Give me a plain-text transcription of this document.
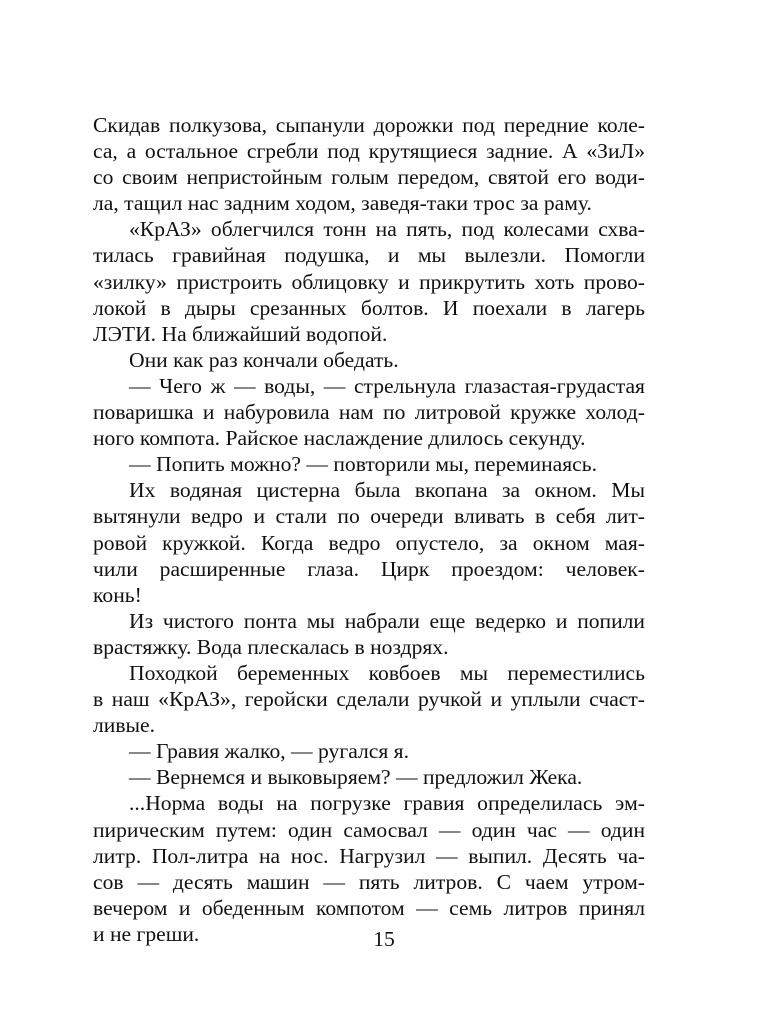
Скидав полкузова, сыпанули дорожки под передние коле-
са, а остальное сгребли под крутящиеся задние. А «ЗиЛ»
со своим непристойным голым передом, святой его води-
ла, тащил нас задним ходом, заведя-таки трос за раму.
«КрАЗ» облегчился тонн на пять, под колесами схва-
тилась гравийная подушка, и мы вылезли. Помогли
«зилку» пристроить облицовку и прикрутить хоть прово-
локой в дыры срезанных болтов. И поехали в лагерь
ЛЭТИ. На ближайший водопой.
Они как раз кончали обедать.
— Чего ж — воды, — стрельнула глазастая-грудастая
поваришка и набуровила нам по литровой кружке холод-
ного компота. Райское наслаждение длилось секунду.
— Попить можно? — повторили мы, переминаясь.
Их водяная цистерна была вкопана за окном. Мы
вытянули ведро и стали по очереди вливать в себя лит-
ровой кружкой. Когда ведро опустело, за окном мая-
чили расширенные глаза. Цирк проездом: человек-
конь!
Из чистого понта мы набрали еще ведерко и попили
врастяжку. Вода плескалась в ноздрях.
Походкой беременных ковбоев мы переместились
в наш «КрАЗ», геройски сделали ручкой и уплыли счаст-
ливые.
— Гравия жалко, — ругался я.
— Вернемся и выковыряем? — предложил Жека.
...Норма воды на погрузке гравия определилась эм-
пирическим путем: один самосвал — один час — один
литр. Пол-литра на нос. Нагрузил — выпил. Десять ча-
сов — десять машин — пять литров. С чаем утром-
вечером и обеденным компотом — семь литров принял
и не греши.	15
